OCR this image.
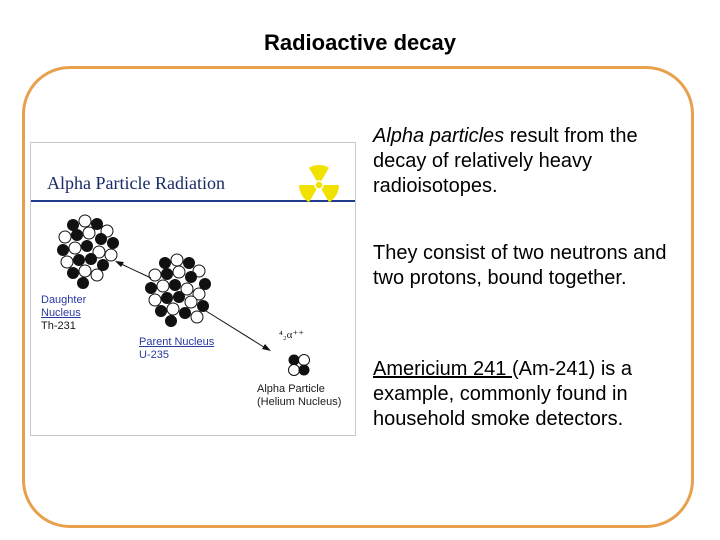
Radioactive decay
Alpha Particle Radiation
Daughter
Nucleus
Th-231
Parent Nucleus
U-235
⁴₂α⁺⁺
Alpha Particle
(Helium Nucleus)

Alpha particles result from the decay of relatively heavy radioisotopes.

They consist of two neutrons and two protons, bound together.

Americium 241 (Am-241) is a example, commonly found in household smoke detectors.
